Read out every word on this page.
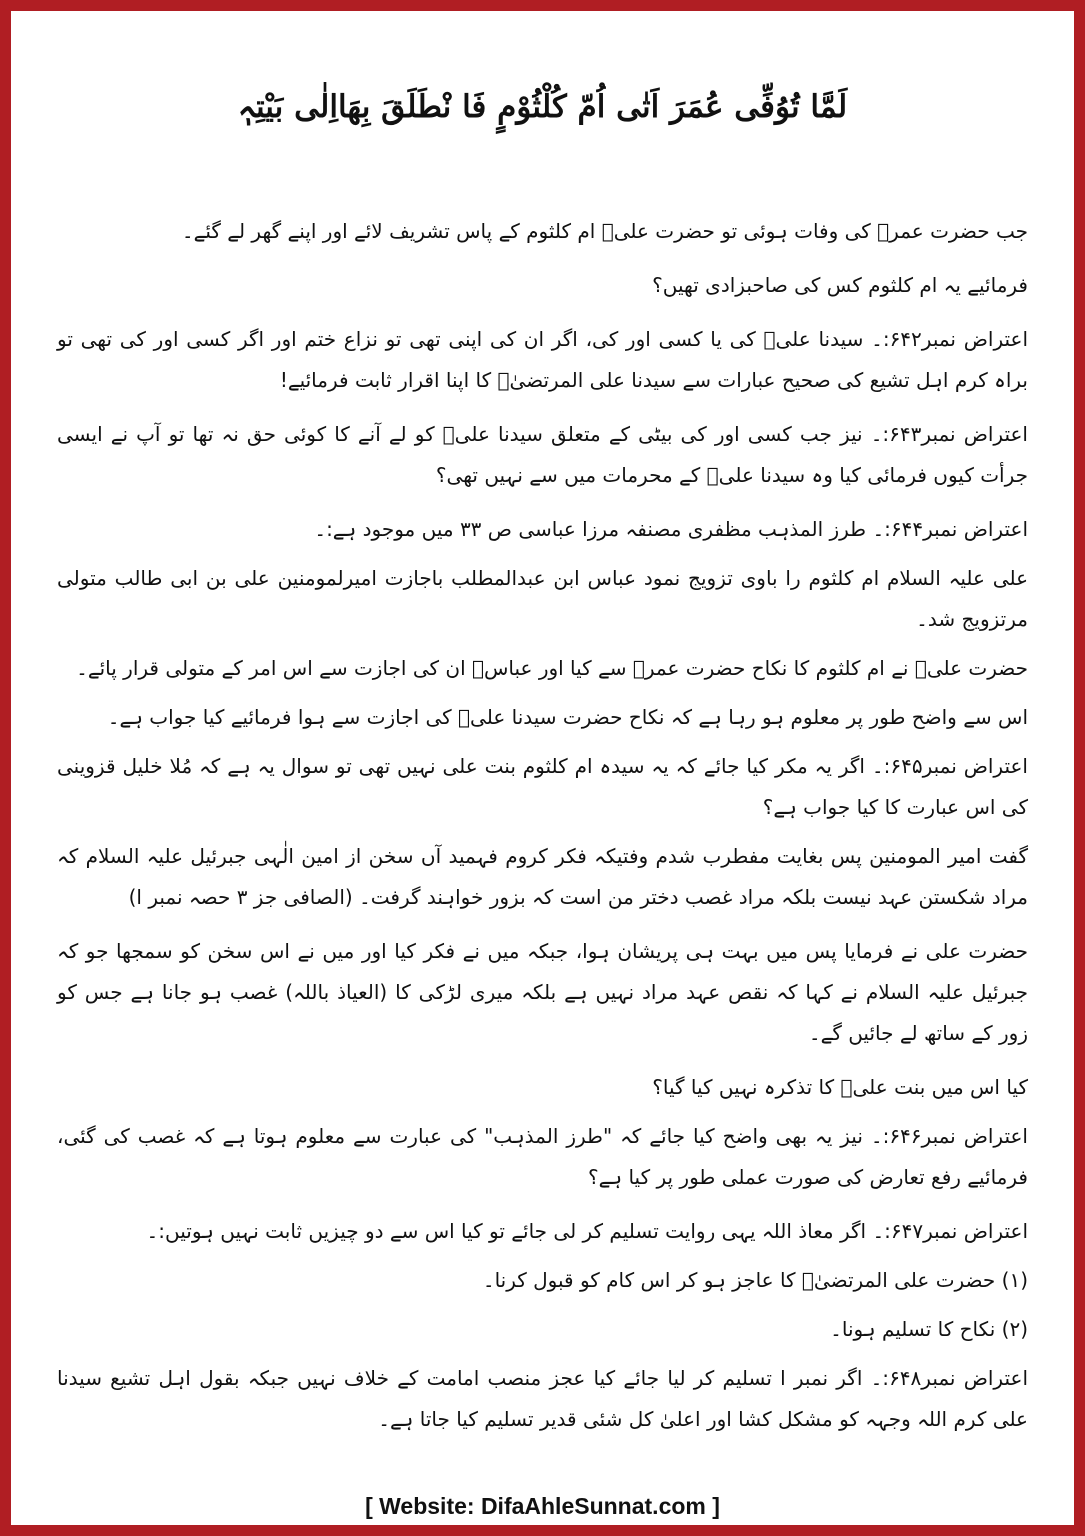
لَمَّا تُوُفِّی عُمَرَ اَتٰی اُمّ کُلْثُوْمٍ فَا نْطَلَقَ بِھَااِلٰی بَیْتِہٖ

جب حضرت عمرؓ کی وفات ہوئی تو حضرت علیؓ ام کلثوم کے پاس تشریف لائے اور اپنے گھر لے گئے۔

فرمائیے یہ ام کلثوم کس کی صاحبزادی تھیں؟

اعتراض نمبر۶۴۲:۔ سیدنا علیؓ کی یا کسی اور کی، اگر ان کی اپنی تھی تو نزاع ختم اور اگر کسی اور کی تھی تو براہ کرم اہل تشیع کی صحیح عبارات سے سیدنا علی المرتضیٰؓ کا اپنا اقرار ثابت فرمائیے!

اعتراض نمبر۶۴۳:۔ نیز جب کسی اور کی بیٹی کے متعلق سیدنا علیؓ کو لے آنے کا کوئی حق نہ تھا تو آپ نے ایسی جرأت کیوں فرمائی کیا وہ سیدنا علیؓ کے محرمات میں سے نہیں تھی؟

اعتراض نمبر۶۴۴:۔ طرز المذہب مظفری مصنفہ مرزا عباسی ص ۳۳ میں موجود ہے:۔

علی علیہ السلام ام کلثوم را باوی تزویج نمود عباس ابن عبدالمطلب باجازت امیرلمومنین علی بن ابی طالب متولی مرتزویج شد۔

حضرت علیؓ نے ام کلثوم کا نکاح حضرت عمرؓ سے کیا اور عباسؓ ان کی اجازت سے اس امر کے متولی قرار پائے۔

اس سے واضح طور پر معلوم ہو رہا ہے کہ نکاح حضرت سیدنا علیؓ کی اجازت سے ہوا فرمائیے کیا جواب ہے۔

اعتراض نمبر۶۴۵:۔ اگر یہ مکر کیا جائے کہ یہ سیدہ ام کلثوم بنت علی نہیں تھی تو سوال یہ ہے کہ مُلا خلیل قزوینی کی اس عبارت کا کیا جواب ہے؟

گفت امیر المومنین پس بغایت مفطرب شدم وفتیکہ فکر کروم فہمید آں سخن از امین الٰہی جبرئیل علیہ السلام کہ مراد شکستن عہد نیست بلکہ مراد غصب دختر من است کہ بزور خواہند گرفت۔ (الصافی جز ۳ حصہ نمبر ا)

حضرت علی نے فرمایا پس میں بہت ہی پریشان ہوا، جبکہ میں نے فکر کیا اور میں نے اس سخن کو سمجھا جو کہ جبرئیل علیہ السلام نے کہا کہ نقص عہد مراد نہیں ہے بلکہ میری لڑکی کا (العیاذ باللہ) غصب ہو جانا ہے جس کو زور کے ساتھ لے جائیں گے۔

کیا اس میں بنت علیؓ کا تذکرہ نہیں کیا گیا؟

اعتراض نمبر۶۴۶:۔ نیز یہ بھی واضح کیا جائے کہ "طرز المذہب" کی عبارت سے معلوم ہوتا ہے کہ غصب کی گئی، فرمائیے رفع تعارض کی صورت عملی طور پر کیا ہے؟

اعتراض نمبر۶۴۷:۔ اگر معاذ اللہ یہی روایت تسلیم کر لی جائے تو کیا اس سے دو چیزیں ثابت نہیں ہوتیں:۔

(۱) حضرت علی المرتضیٰؓ کا عاجز ہو کر اس کام کو قبول کرنا۔

(۲) نکاح کا تسلیم ہونا۔

اعتراض نمبر۶۴۸:۔ اگر نمبر ا تسلیم کر لیا جائے کیا عجز منصب امامت کے خلاف نہیں جبکہ بقول اہل تشیع سیدنا علی کرم اللہ وجہہ کو مشکل کشا اور اعلیٰ کل شئی قدیر تسلیم کیا جاتا ہے۔

[ Website: DifaAhleSunnat.com ]
